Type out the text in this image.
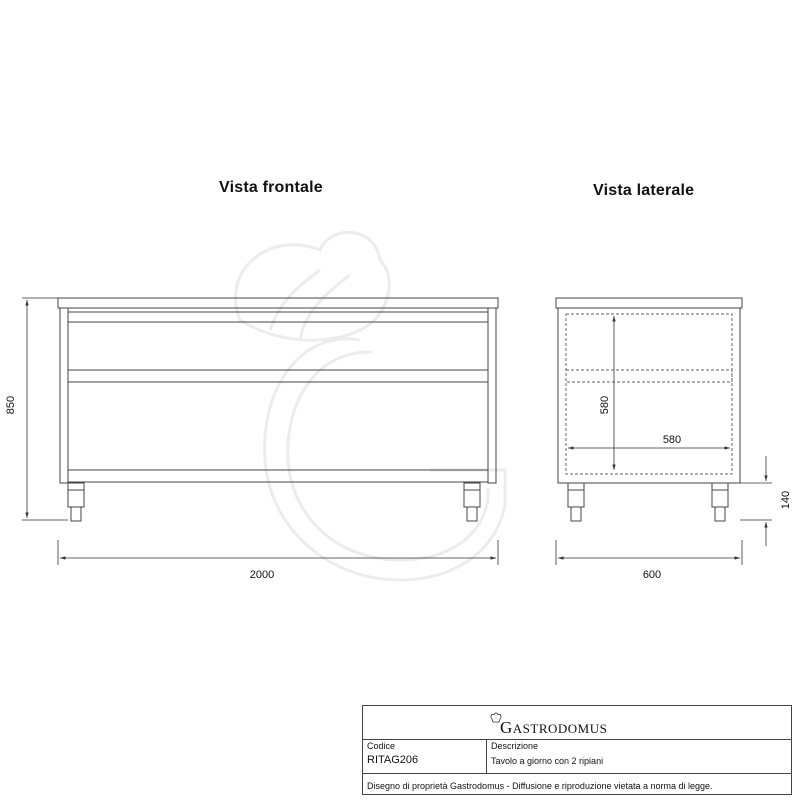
Vista frontale	Vista laterale
850
2000
580
580
140
600
GASTRODOMUS
Codice
RITAG206
Descrizione
Tavolo a giorno con 2 ripiani
Disegno di proprietà Gastrodomus - Diffusione e riproduzione vietata a norma di legge.
